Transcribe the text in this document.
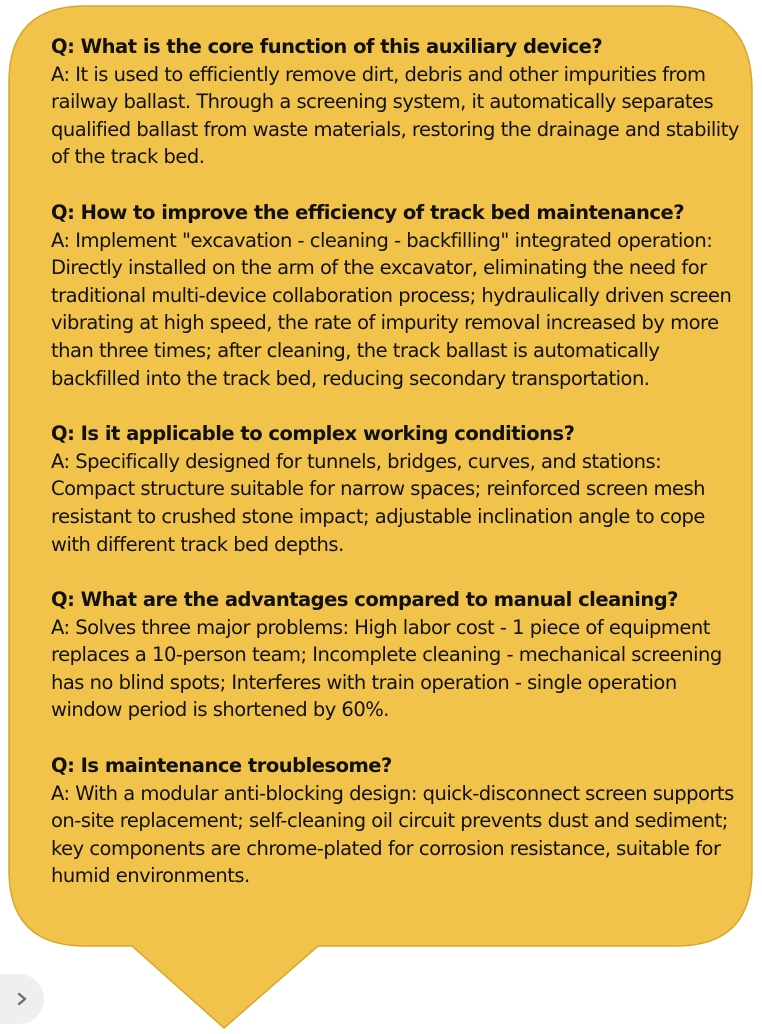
Q: What is the core function of this auxiliary device?
A: It is used to efficiently remove dirt, debris and other impurities from railway ballast. Through a screening system, it automatically separates qualified ballast from waste materials, restoring the drainage and stability of the track bed.
Q: How to improve the efficiency of track bed maintenance?
A: Implement "excavation - cleaning - backfilling" integrated operation: Directly installed on the arm of the excavator, eliminating the need for traditional multi-device collaboration process; hydraulically driven screen vibrating at high speed, the rate of impurity removal increased by more than three times; after cleaning, the track ballast is automatically backfilled into the track bed, reducing secondary transportation.
Q: Is it applicable to complex working conditions?
A: Specifically designed for tunnels, bridges, curves, and stations: Compact structure suitable for narrow spaces; reinforced screen mesh resistant to crushed stone impact; adjustable inclination angle to cope with different track bed depths.
Q: What are the advantages compared to manual cleaning?
A: Solves three major problems: High labor cost - 1 piece of equipment replaces a 10-person team; Incomplete cleaning - mechanical screening has no blind spots; Interferes with train operation - single operation window period is shortened by 60%.
Q: Is maintenance troublesome?
A: With a modular anti-blocking design: quick-disconnect screen supports on-site replacement; self-cleaning oil circuit prevents dust and sediment; key components are chrome-plated for corrosion resistance, suitable for humid environments.
